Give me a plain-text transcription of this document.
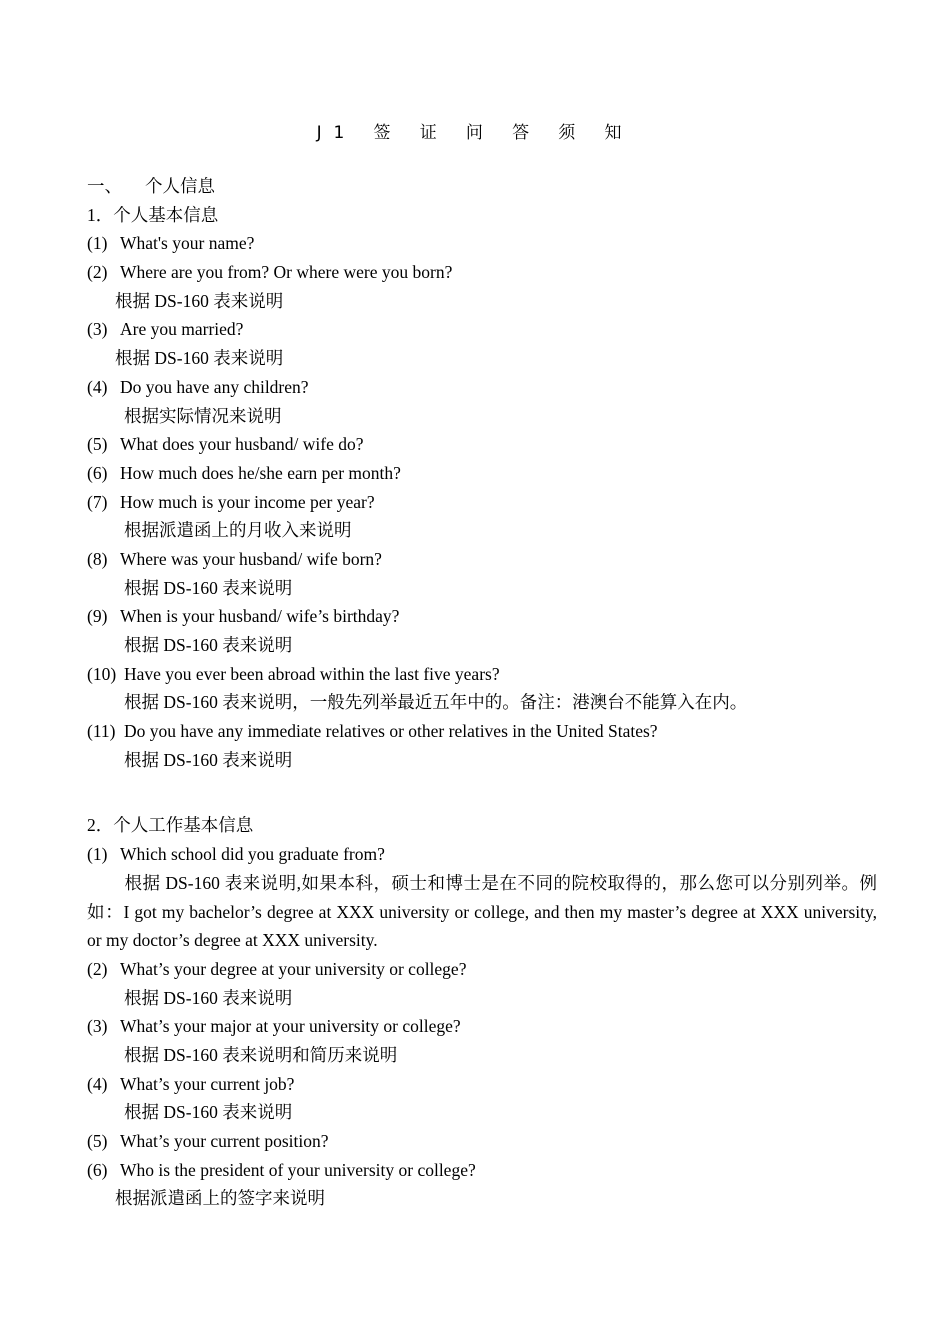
J1 签 证 问 答 须 知
一、 个人信息
1．个人基本信息
(1) What's your name?
(2) Where are you from? Or where were you born?
根据 DS-160 表来说明
(3) Are you married?
根据 DS-160 表来说明
(4) Do you have any children?
根据实际情况来说明
(5) What does your husband/ wife do?
(6) How much does he/she earn per month?
(7) How much is your income per year?
根据派遣函上的月收入来说明
(8) Where was your husband/ wife born?
根据 DS-160 表来说明
(9) When is your husband/ wife’s birthday?
根据 DS-160 表来说明
(10) Have you ever been abroad within the last five years?
根据 DS-160 表来说明，一般先列举最近五年中的。备注：港澳台不能算入在内。
(11) Do you have any immediate relatives or other relatives in the United States?
根据 DS-160 表来说明
2．个人工作基本信息
(1) Which school did you graduate from?
根据 DS-160 表来说明,如果本科，硕士和博士是在不同的院校取得的，那么您可以分别列举。例如：I got my bachelor’s degree at XXX university or college, and then my master’s degree at XXX university, or my doctor’s degree at XXX university.
(2) What’s your degree at your university or college?
根据 DS-160 表来说明
(3) What’s your major at your university or college?
根据 DS-160 表来说明和简历来说明
(4) What’s your current job?
根据 DS-160 表来说明
(5) What’s your current position?
(6) Who is the president of your university or college?
根据派遣函上的签字来说明
